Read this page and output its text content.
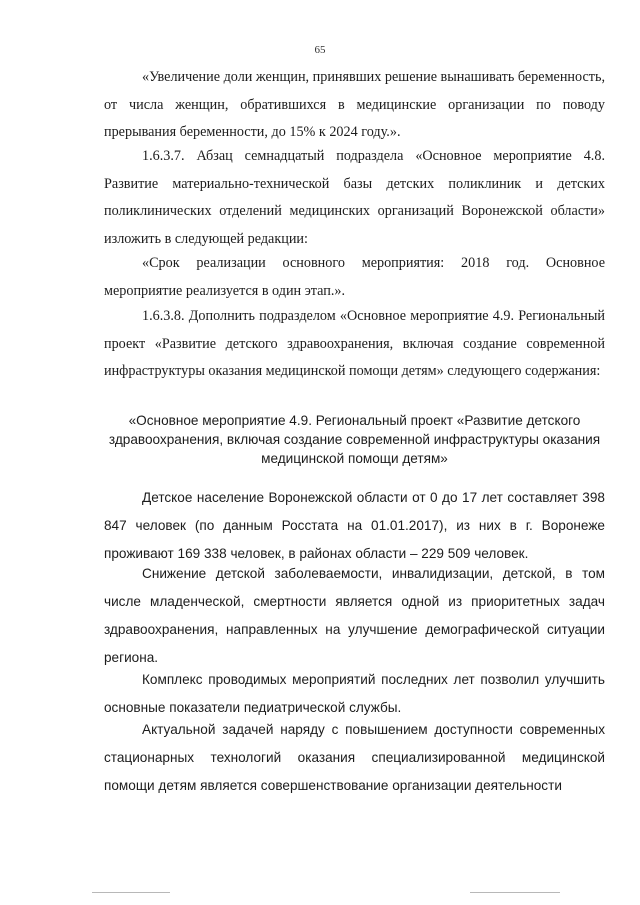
65

«Увеличение доли женщин, принявших решение вынашивать беременность, от числа женщин, обратившихся в медицинские организации по поводу прерывания беременности, до 15% к 2024 году.».

1.6.3.7. Абзац семнадцатый подраздела «Основное мероприятие 4.8. Развитие материально-технической базы детских поликлиник и детских поликлинических отделений медицинских организаций Воронежской области» изложить в следующей редакции:

«Срок реализации основного мероприятия: 2018 год. Основное мероприятие реализуется в один этап.».

1.6.3.8. Дополнить подразделом «Основное мероприятие 4.9. Региональный проект «Развитие детского здравоохранения, включая создание современной инфраструктуры оказания медицинской помощи детям» следующего содержания:

«Основное мероприятие 4.9. Региональный проект «Развитие детского здравоохранения, включая создание современной инфраструктуры оказания медицинской помощи детям»

Детское население Воронежской области от 0 до 17 лет составляет 398 847 человек (по данным Росстата на 01.01.2017), из них в г. Воронеже проживают 169 338 человек, в районах области – 229 509 человек.

Снижение детской заболеваемости, инвалидизации, детской, в том числе младенческой, смертности является одной из приоритетных задач здравоохранения, направленных на улучшение демографической ситуации региона.

Комплекс проводимых мероприятий последних лет позволил улучшить основные показатели педиатрической службы.

Актуальной задачей наряду с повышением доступности современных стационарных технологий оказания специализированной медицинской помощи детям является совершенствование организации деятельности
